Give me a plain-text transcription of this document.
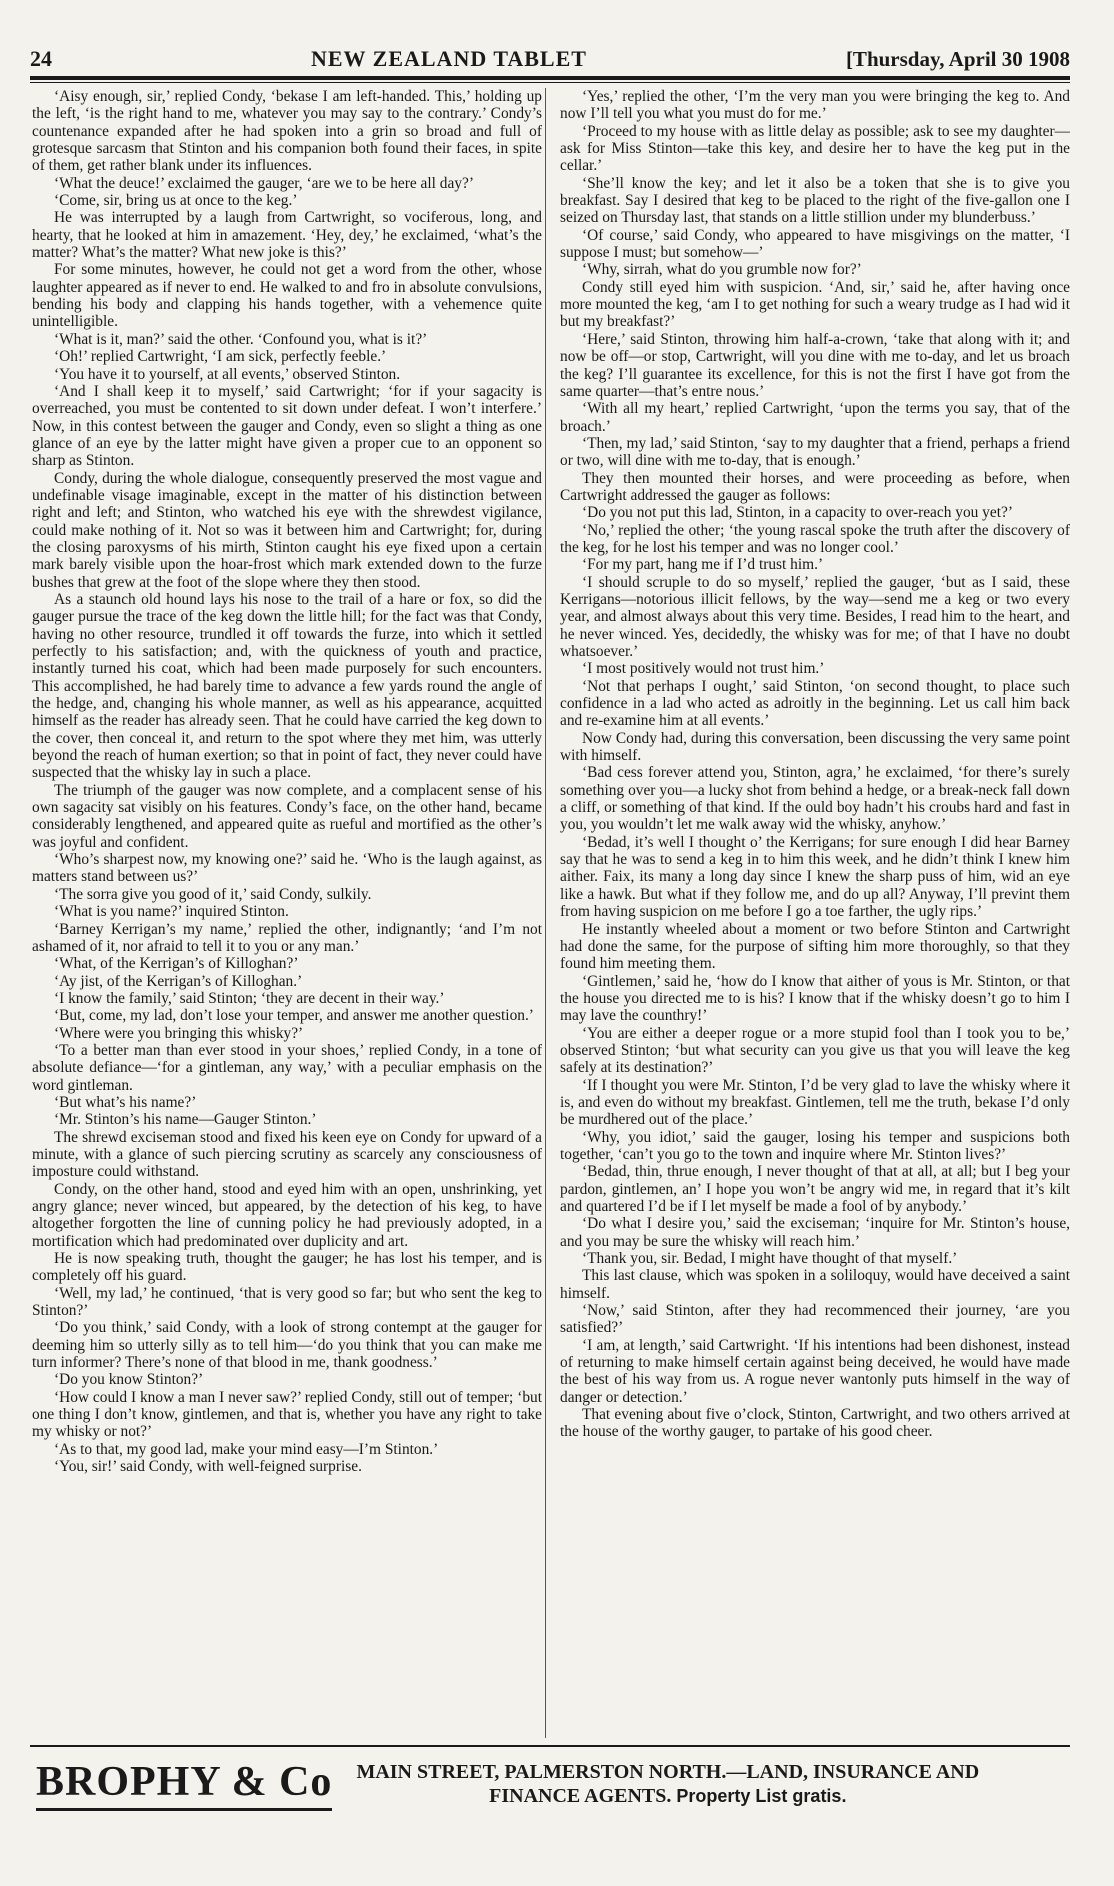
24	NEW ZEALAND TABLET	[Thursday, April 30 1908

‘Aisy enough, sir,’ replied Condy, ‘bekase I am left-handed. This,’ holding up the left, ‘is the right hand to me, whatever you may say to the contrary.’ Condy’s countenance expanded after he had spoken into a grin so broad and full of grotesque sarcasm that Stinton and his companion both found their faces, in spite of them, get rather blank under its influences.

‘What the deuce!’ exclaimed the gauger, ‘are we to be here all day?’

‘Come, sir, bring us at once to the keg.’

He was interrupted by a laugh from Cartwright, so vociferous, long, and hearty, that he looked at him in amazement. ‘Hey, dey,’ he exclaimed, ‘what’s the matter? What’s the matter? What new joke is this?’

For some minutes, however, he could not get a word from the other, whose laughter appeared as if never to end. He walked to and fro in absolute convulsions, bending his body and clapping his hands together, with a vehemence quite unintelligible.

‘What is it, man?’ said the other. ‘Confound you, what is it?’

‘Oh!’ replied Cartwright, ‘I am sick, perfectly feeble.’

‘You have it to yourself, at all events,’ observed Stinton.

‘And I shall keep it to myself,’ said Cartwright; ‘for if your sagacity is overreached, you must be contented to sit down under defeat. I won’t interfere.’ Now, in this contest between the gauger and Condy, even so slight a thing as one glance of an eye by the latter might have given a proper cue to an opponent so sharp as Stinton.

Condy, during the whole dialogue, consequently preserved the most vague and undefinable visage imaginable, except in the matter of his distinction between right and left; and Stinton, who watched his eye with the shrewdest vigilance, could make nothing of it. Not so was it between him and Cartwright; for, during the closing paroxysms of his mirth, Stinton caught his eye fixed upon a certain mark barely visible upon the hoar-frost which mark extended down to the furze bushes that grew at the foot of the slope where they then stood.

As a staunch old hound lays his nose to the trail of a hare or fox, so did the gauger pursue the trace of the keg down the little hill; for the fact was that Condy, having no other resource, trundled it off towards the furze, into which it settled perfectly to his satisfaction; and, with the quickness of youth and practice, instantly turned his coat, which had been made purposely for such encounters. This accomplished, he had barely time to advance a few yards round the angle of the hedge, and, changing his whole manner, as well as his appearance, acquitted himself as the reader has already seen. That he could have carried the keg down to the cover, then conceal it, and return to the spot where they met him, was utterly beyond the reach of human exertion; so that in point of fact, they never could have suspected that the whisky lay in such a place.

The triumph of the gauger was now complete, and a complacent sense of his own sagacity sat visibly on his features. Condy’s face, on the other hand, became considerably lengthened, and appeared quite as rueful and mortified as the other’s was joyful and confident.

‘Who’s sharpest now, my knowing one?’ said he. ‘Who is the laugh against, as matters stand between us?’

‘The sorra give you good of it,’ said Condy, sulkily.

‘What is you name?’ inquired Stinton.

‘Barney Kerrigan’s my name,’ replied the other, indignantly; ‘and I’m not ashamed of it, nor afraid to tell it to you or any man.’

‘What, of the Kerrigan’s of Killoghan?’

‘Ay jist, of the Kerrigan’s of Killoghan.’

‘I know the family,’ said Stinton; ‘they are decent in their way.’

‘But, come, my lad, don’t lose your temper, and answer me another question.’

‘Where were you bringing this whisky?’

‘To a better man than ever stood in your shoes,’ replied Condy, in a tone of absolute defiance—‘for a gintleman, any way,’ with a peculiar emphasis on the word gintleman.

‘But what’s his name?’

‘Mr. Stinton’s his name—Gauger Stinton.’

The shrewd exciseman stood and fixed his keen eye on Condy for upward of a minute, with a glance of such piercing scrutiny as scarcely any consciousness of imposture could withstand.

Condy, on the other hand, stood and eyed him with an open, unshrinking, yet angry glance; never winced, but appeared, by the detection of his keg, to have altogether forgotten the line of cunning policy he had previously adopted, in a mortification which had predominated over duplicity and art.

He is now speaking truth, thought the gauger; he has lost his temper, and is completely off his guard.

‘Well, my lad,’ he continued, ‘that is very good so far; but who sent the keg to Stinton?’

‘Do you think,’ said Condy, with a look of strong contempt at the gauger for deeming him so utterly silly as to tell him—‘do you think that you can make me turn informer? There’s none of that blood in me, thank goodness.’

‘Do you know Stinton?’

‘How could I know a man I never saw?’ replied Condy, still out of temper; ‘but one thing I don’t know, gintlemen, and that is, whether you have any right to take my whisky or not?’

‘As to that, my good lad, make your mind easy—I’m Stinton.’

‘You, sir!’ said Condy, with well-feigned surprise.

‘Yes,’ replied the other, ‘I’m the very man you were bringing the keg to. And now I’ll tell you what you must do for me.’

‘Proceed to my house with as little delay as possible; ask to see my daughter—ask for Miss Stinton—take this key, and desire her to have the keg put in the cellar.’

‘She’ll know the key; and let it also be a token that she is to give you breakfast. Say I desired that keg to be placed to the right of the five-gallon one I seized on Thursday last, that stands on a little stillion under my blunderbuss.’

‘Of course,’ said Condy, who appeared to have misgivings on the matter, ‘I suppose I must; but somehow—’

‘Why, sirrah, what do you grumble now for?’

Condy still eyed him with suspicion. ‘And, sir,’ said he, after having once more mounted the keg, ‘am I to get nothing for such a weary trudge as I had wid it but my breakfast?’

‘Here,’ said Stinton, throwing him half-a-crown, ‘take that along with it; and now be off—or stop, Cartwright, will you dine with me to-day, and let us broach the keg? I’ll guarantee its excellence, for this is not the first I have got from the same quarter—that’s entre nous.’

‘With all my heart,’ replied Cartwright, ‘upon the terms you say, that of the broach.’

‘Then, my lad,’ said Stinton, ‘say to my daughter that a friend, perhaps a friend or two, will dine with me to-day, that is enough.’

They then mounted their horses, and were proceeding as before, when Cartwright addressed the gauger as follows:

‘Do you not put this lad, Stinton, in a capacity to over-reach you yet?’

‘No,’ replied the other; ‘the young rascal spoke the truth after the discovery of the keg, for he lost his temper and was no longer cool.’

‘For my part, hang me if I’d trust him.’

‘I should scruple to do so myself,’ replied the gauger, ‘but as I said, these Kerrigans—notorious illicit fellows, by the way—send me a keg or two every year, and almost always about this very time. Besides, I read him to the heart, and he never winced. Yes, decidedly, the whisky was for me; of that I have no doubt whatsoever.’

‘I most positively would not trust him.’

‘Not that perhaps I ought,’ said Stinton, ‘on second thought, to place such confidence in a lad who acted as adroitly in the beginning. Let us call him back and re-examine him at all events.’

Now Condy had, during this conversation, been discussing the very same point with himself.

‘Bad cess forever attend you, Stinton, agra,’ he exclaimed, ‘for there’s surely something over you—a lucky shot from behind a hedge, or a break-neck fall down a cliff, or something of that kind. If the ould boy hadn’t his croubs hard and fast in you, you wouldn’t let me walk away wid the whisky, anyhow.’

‘Bedad, it’s well I thought o’ the Kerrigans; for sure enough I did hear Barney say that he was to send a keg in to him this week, and he didn’t think I knew him aither. Faix, its many a long day since I knew the sharp puss of him, wid an eye like a hawk. But what if they follow me, and do up all? Anyway, I’ll prevint them from having suspicion on me before I go a toe farther, the ugly rips.’

He instantly wheeled about a moment or two before Stinton and Cartwright had done the same, for the purpose of sifting him more thoroughly, so that they found him meeting them.

‘Gintlemen,’ said he, ‘how do I know that aither of yous is Mr. Stinton, or that the house you directed me to is his? I know that if the whisky doesn’t go to him I may lave the counthry!’

‘You are either a deeper rogue or a more stupid fool than I took you to be,’ observed Stinton; ‘but what security can you give us that you will leave the keg safely at its destination?’

‘If I thought you were Mr. Stinton, I’d be very glad to lave the whisky where it is, and even do without my breakfast. Gintlemen, tell me the truth, bekase I’d only be murdhered out of the place.’

‘Why, you idiot,’ said the gauger, losing his temper and suspicions both together, ‘can’t you go to the town and inquire where Mr. Stinton lives?’

‘Bedad, thin, thrue enough, I never thought of that at all, at all; but I beg your pardon, gintlemen, an’ I hope you won’t be angry wid me, in regard that it’s kilt and quartered I’d be if I let myself be made a fool of by anybody.’

‘Do what I desire you,’ said the exciseman; ‘inquire for Mr. Stinton’s house, and you may be sure the whisky will reach him.’

‘Thank you, sir. Bedad, I might have thought of that myself.’

This last clause, which was spoken in a soliloquy, would have deceived a saint himself.

‘Now,’ said Stinton, after they had recommenced their journey, ‘are you satisfied?’

‘I am, at length,’ said Cartwright. ‘If his intentions had been dishonest, instead of returning to make himself certain against being deceived, he would have made the best of his way from us. A rogue never wantonly puts himself in the way of danger or detection.’

That evening about five o’clock, Stinton, Cartwright, and two others arrived at the house of the worthy gauger, to partake of his good cheer.

BROPHY & Co MAIN STREET, PALMERSTON NORTH.—LAND, INSURANCE AND
FINANCE AGENTS. Property List gratis.
